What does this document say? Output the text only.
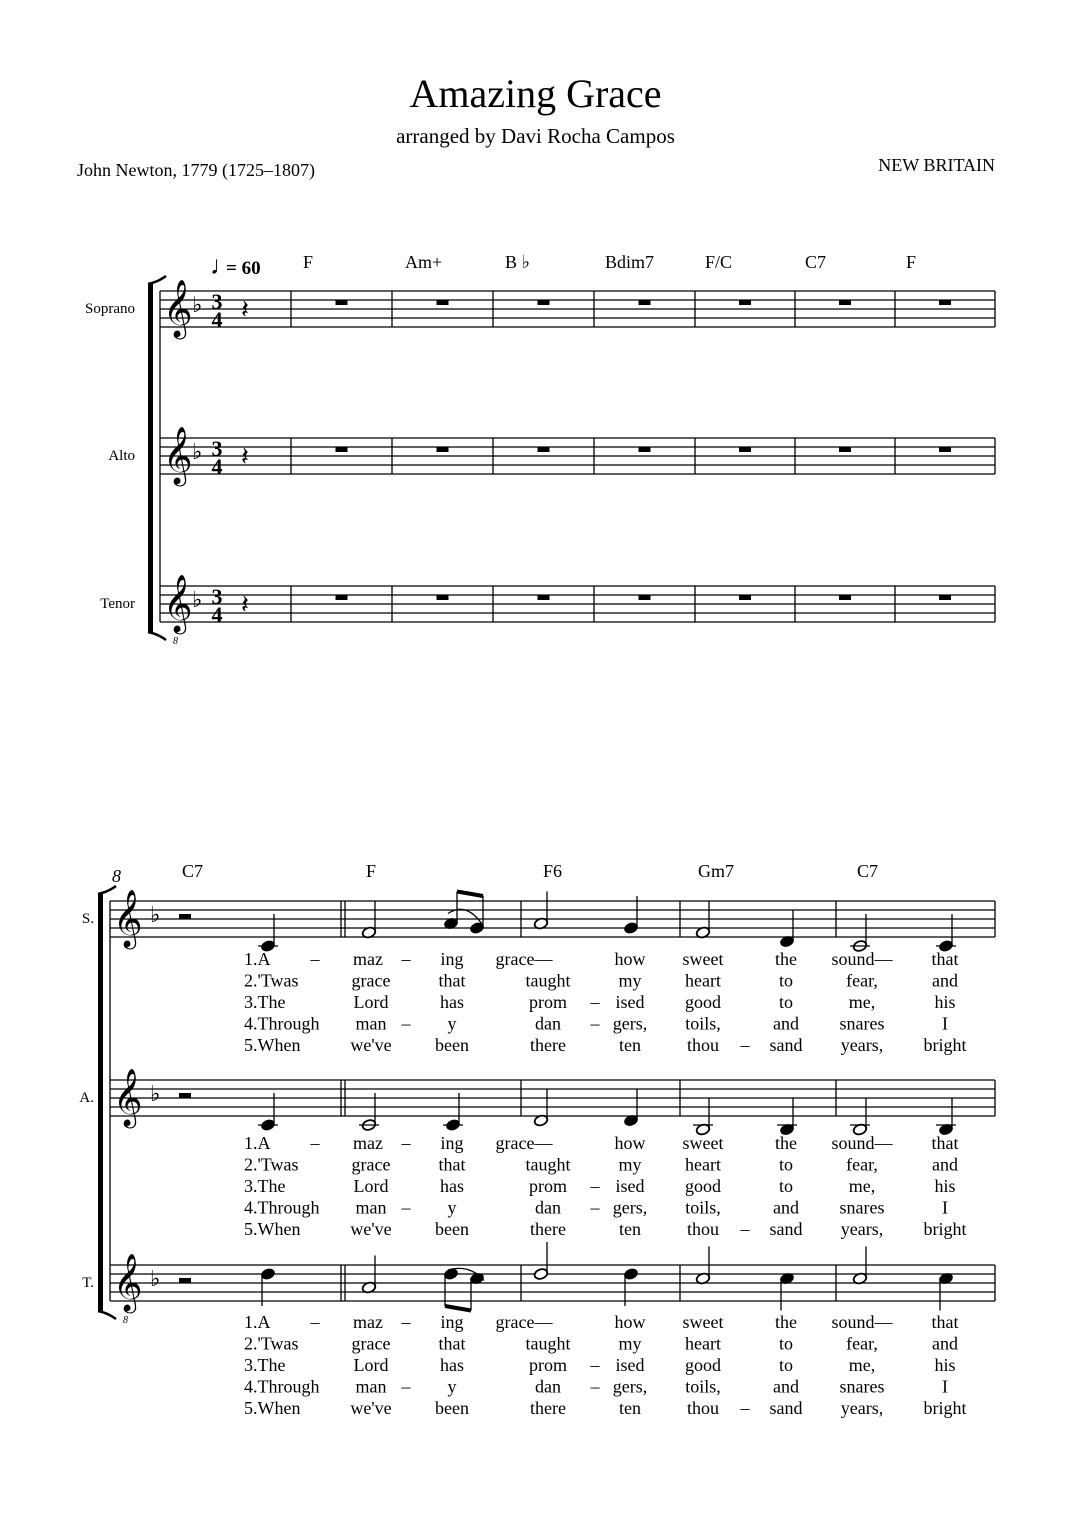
Amazing Grace
arranged by Davi Rocha Campos
John Newton, 1779 (1725–1807)	NEW BRITAIN
♩
= 60 F	Am+	B ♭	Bdim7	F/C	C7	F
Soprano 𝄞 ♭ 3
4 𝄽
Alto 𝄞 ♭ 3
4 𝄽
Tenor 𝄞
8
♭ 3
4 𝄽
8	C7	F	F6	Gm7	C7
S. 𝄞 ♭
A. 𝄞 ♭
T. 𝄞
8
♭
1.A – maz – ing grace—	how sweet	the sound— that
2.'Twas	grace	that	taught	my heart	to	fear,	and
3.The	Lord	has	prom – ised good	to	me,	his
4.Through man – y	dan – gers, toils,	and snares	I
5.When	we've been	there	ten	thou – sand years, bright
1.A – maz – ing grace—	how sweet	the sound— that
2.'Twas	grace	that	taught	my heart	to	fear,	and
3.The	Lord	has	prom – ised good	to	me,	his
4.Through man – y	dan – gers, toils,	and snares	I
5.When	we've been	there	ten	thou – sand years, bright
1.A – maz – ing grace—	how sweet	the sound— that
2.'Twas	grace	that	taught	my heart	to	fear,	and
3.The	Lord	has	prom – ised good	to	me,	his
4.Through man – y	dan – gers, toils,	and snares	I
5.When	we've been	there	ten	thou – sand years, bright
